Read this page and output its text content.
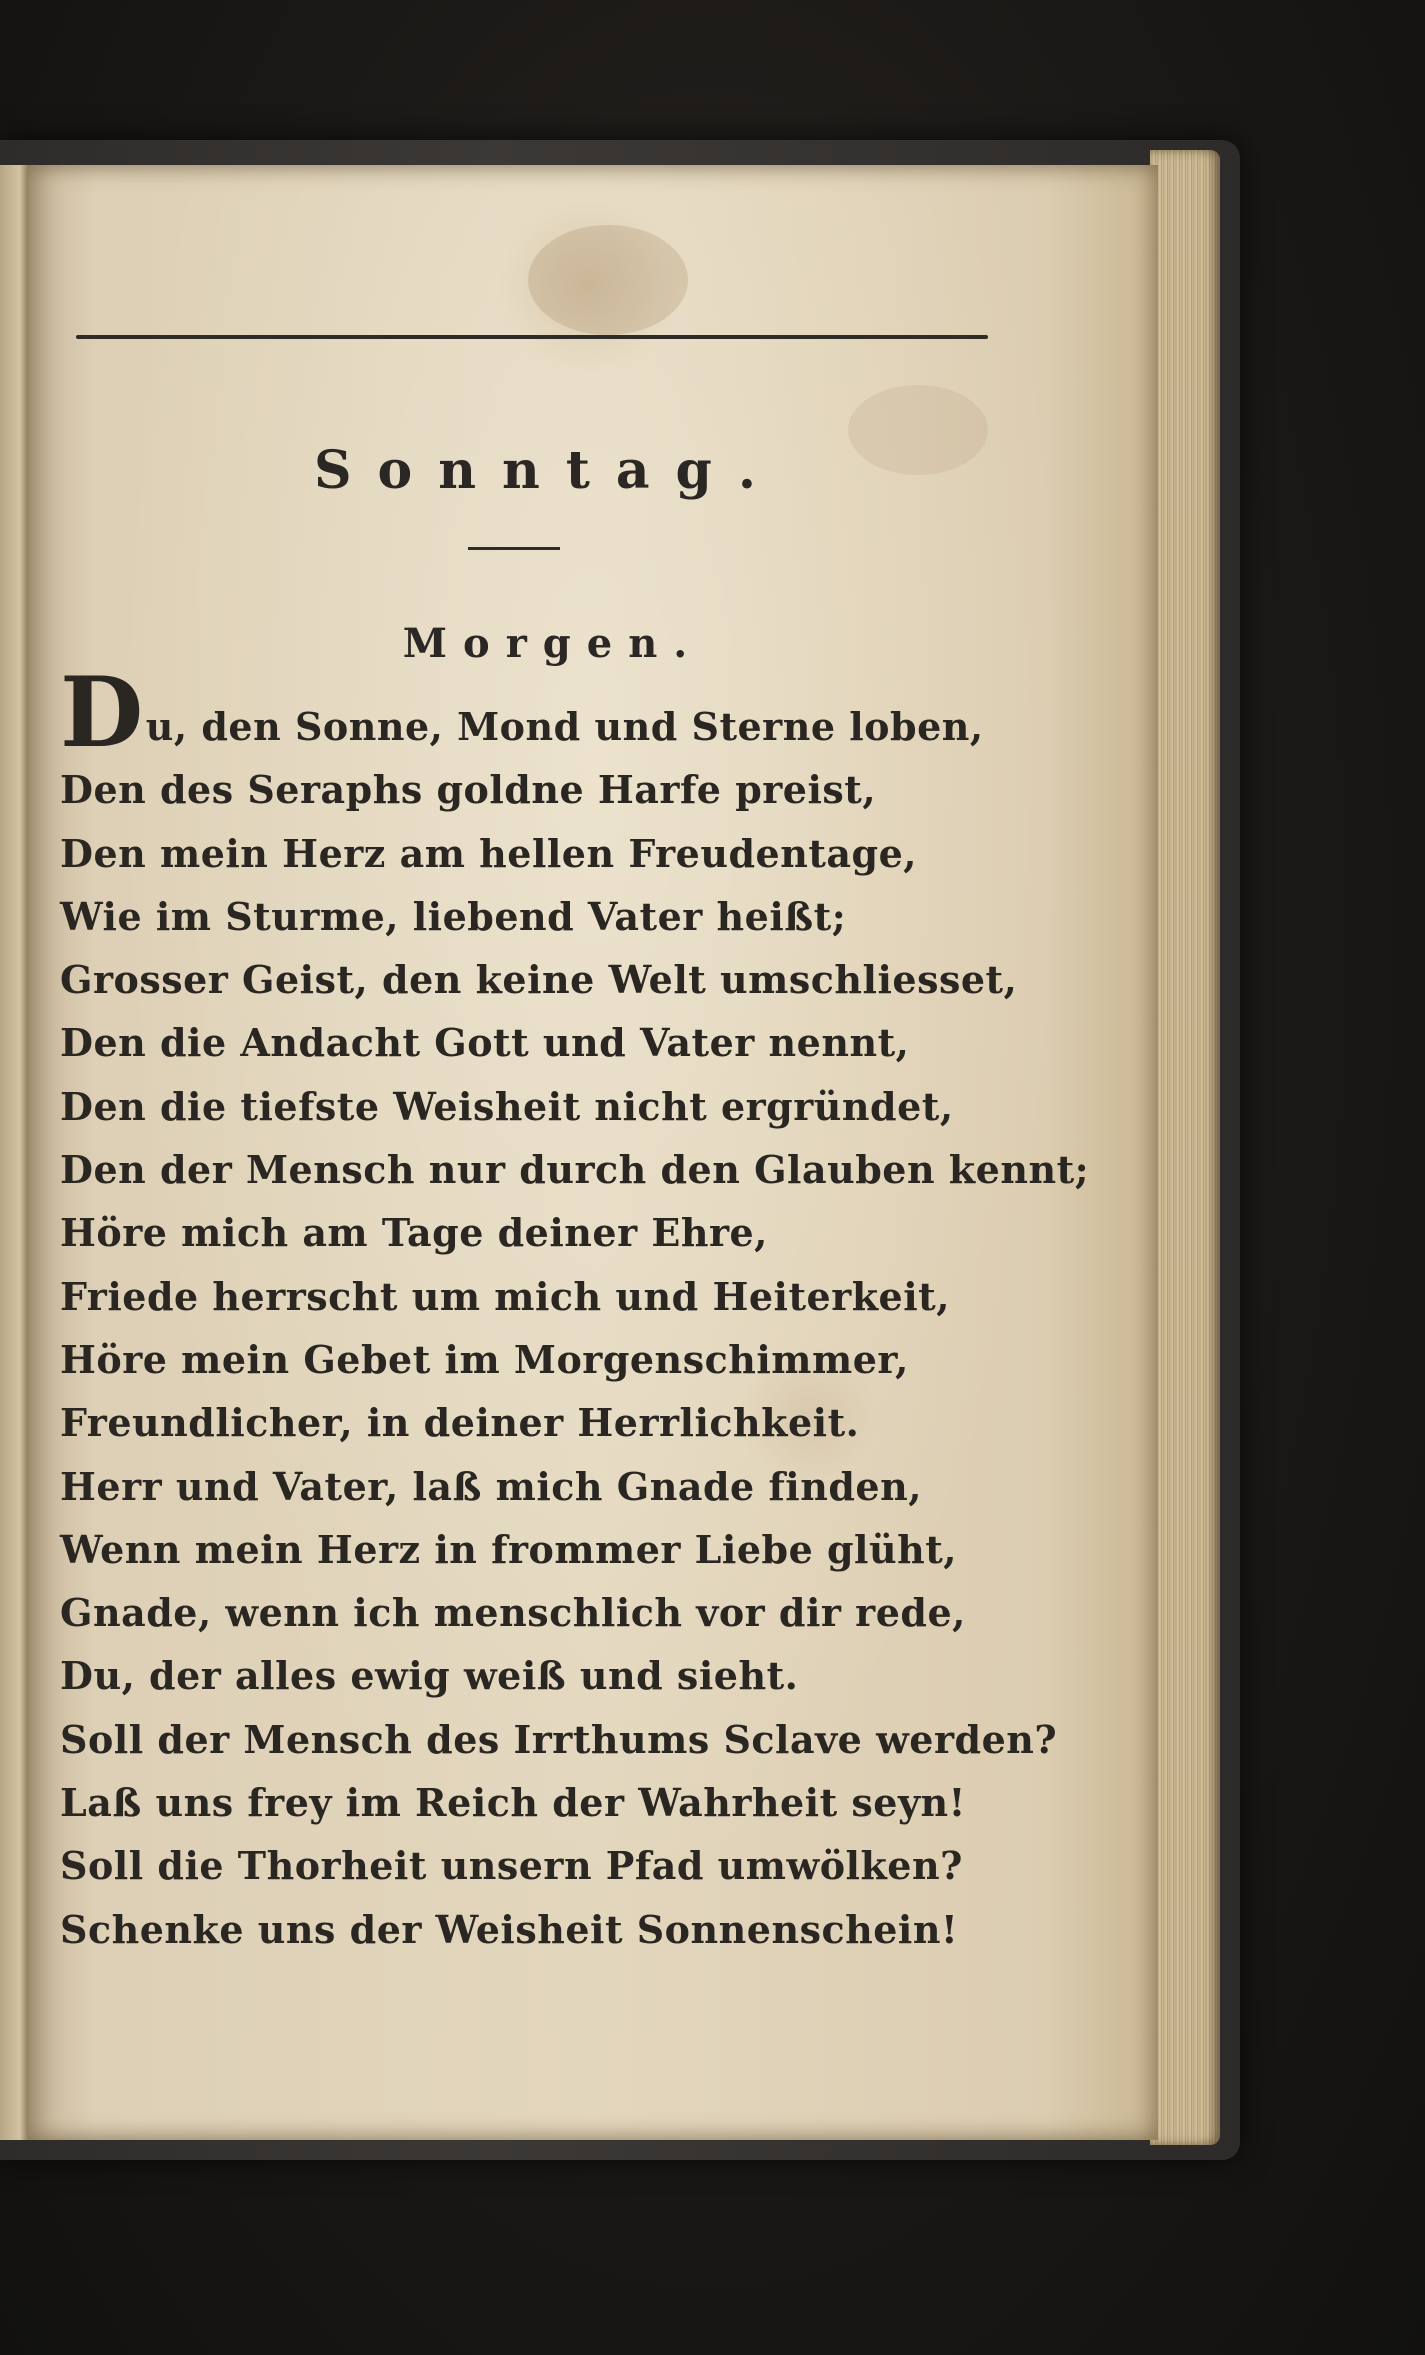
Sonntag.
Morgen.
Du, den Sonne, Mond und Sterne loben,
Den des Seraphs goldne Harfe preist,
Den mein Herz am hellen Freudentage,
Wie im Sturme, liebend Vater heißt;
Grosser Geist, den keine Welt umschliesset,
Den die Andacht Gott und Vater nennt,
Den die tiefste Weisheit nicht ergründet,
Den der Mensch nur durch den Glauben kennt;
Höre mich am Tage deiner Ehre,
Friede herrscht um mich und Heiterkeit,
Höre mein Gebet im Morgenschimmer,
Freundlicher, in deiner Herrlichkeit.
Herr und Vater, laß mich Gnade finden,
Wenn mein Herz in frommer Liebe glüht,
Gnade, wenn ich menschlich vor dir rede,
Du, der alles ewig weiß und sieht.
Soll der Mensch des Irrthums Sclave werden?
Laß uns frey im Reich der Wahrheit seyn!
Soll die Thorheit unsern Pfad umwölken?
Schenke uns der Weisheit Sonnenschein!
